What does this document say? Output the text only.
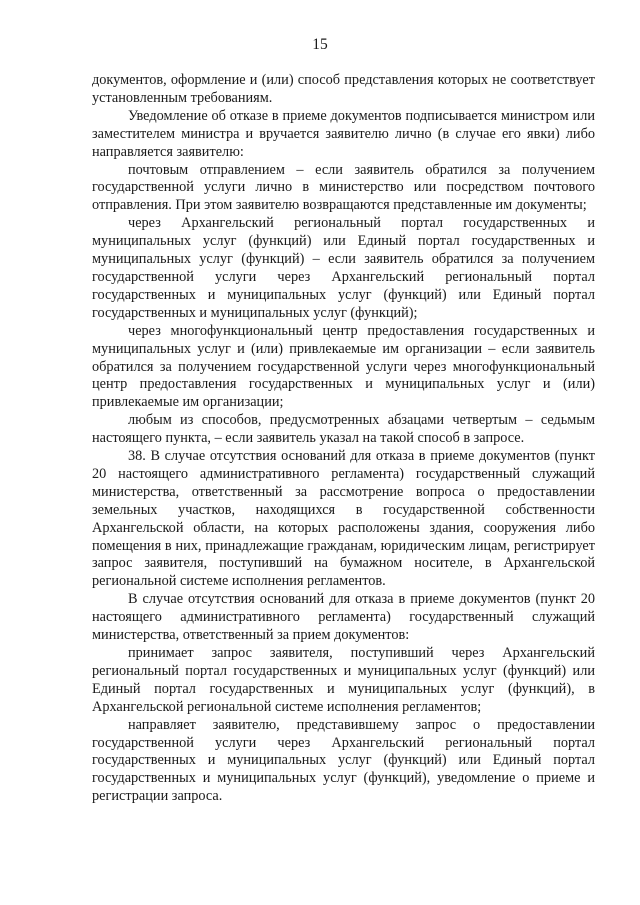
15

документов, оформление и (или) способ представления которых не соответствует установленным требованиям.

Уведомление об отказе в приеме документов подписывается министром или заместителем министра и вручается заявителю лично (в случае его явки) либо направляется заявителю:

почтовым отправлением – если заявитель обратился за получением государственной услуги лично в министерство или посредством почтового отправления. При этом заявителю возвращаются представленные им документы;

через Архангельский региональный портал государственных и муниципальных услуг (функций) или Единый портал государственных и муниципальных услуг (функций) – если заявитель обратился за получением государственной услуги через Архангельский региональный портал государственных и муниципальных услуг (функций) или Единый портал государственных и муниципальных услуг (функций);

через многофункциональный центр предоставления государственных и муниципальных услуг и (или) привлекаемые им организации – если заявитель обратился за получением государственной услуги через многофункциональный центр предоставления государственных и муниципальных услуг и (или) привлекаемые им организации;

любым из способов, предусмотренных абзацами четвертым – седьмым настоящего пункта, – если заявитель указал на такой способ в запросе.

38. В случае отсутствия оснований для отказа в приеме документов (пункт 20 настоящего административного регламента) государственный служащий министерства, ответственный за рассмотрение вопроса о предоставлении земельных участков, находящихся в государственной собственности Архангельской области, на которых расположены здания, сооружения либо помещения в них, принадлежащие гражданам, юридическим лицам, регистрирует запрос заявителя, поступивший на бумажном носителе, в Архангельской региональной системе исполнения регламентов.

В случае отсутствия оснований для отказа в приеме документов (пункт 20 настоящего административного регламента) государственный служащий министерства, ответственный за прием документов:

принимает запрос заявителя, поступивший через Архангельский региональный портал государственных и муниципальных услуг (функций) или Единый портал государственных и муниципальных услуг (функций), в Архангельской региональной системе исполнения регламентов;

направляет заявителю, представившему запрос о предоставлении государственной услуги через Архангельский региональный портал государственных и муниципальных услуг (функций) или Единый портал государственных и муниципальных услуг (функций), уведомление о приеме и регистрации запроса.
